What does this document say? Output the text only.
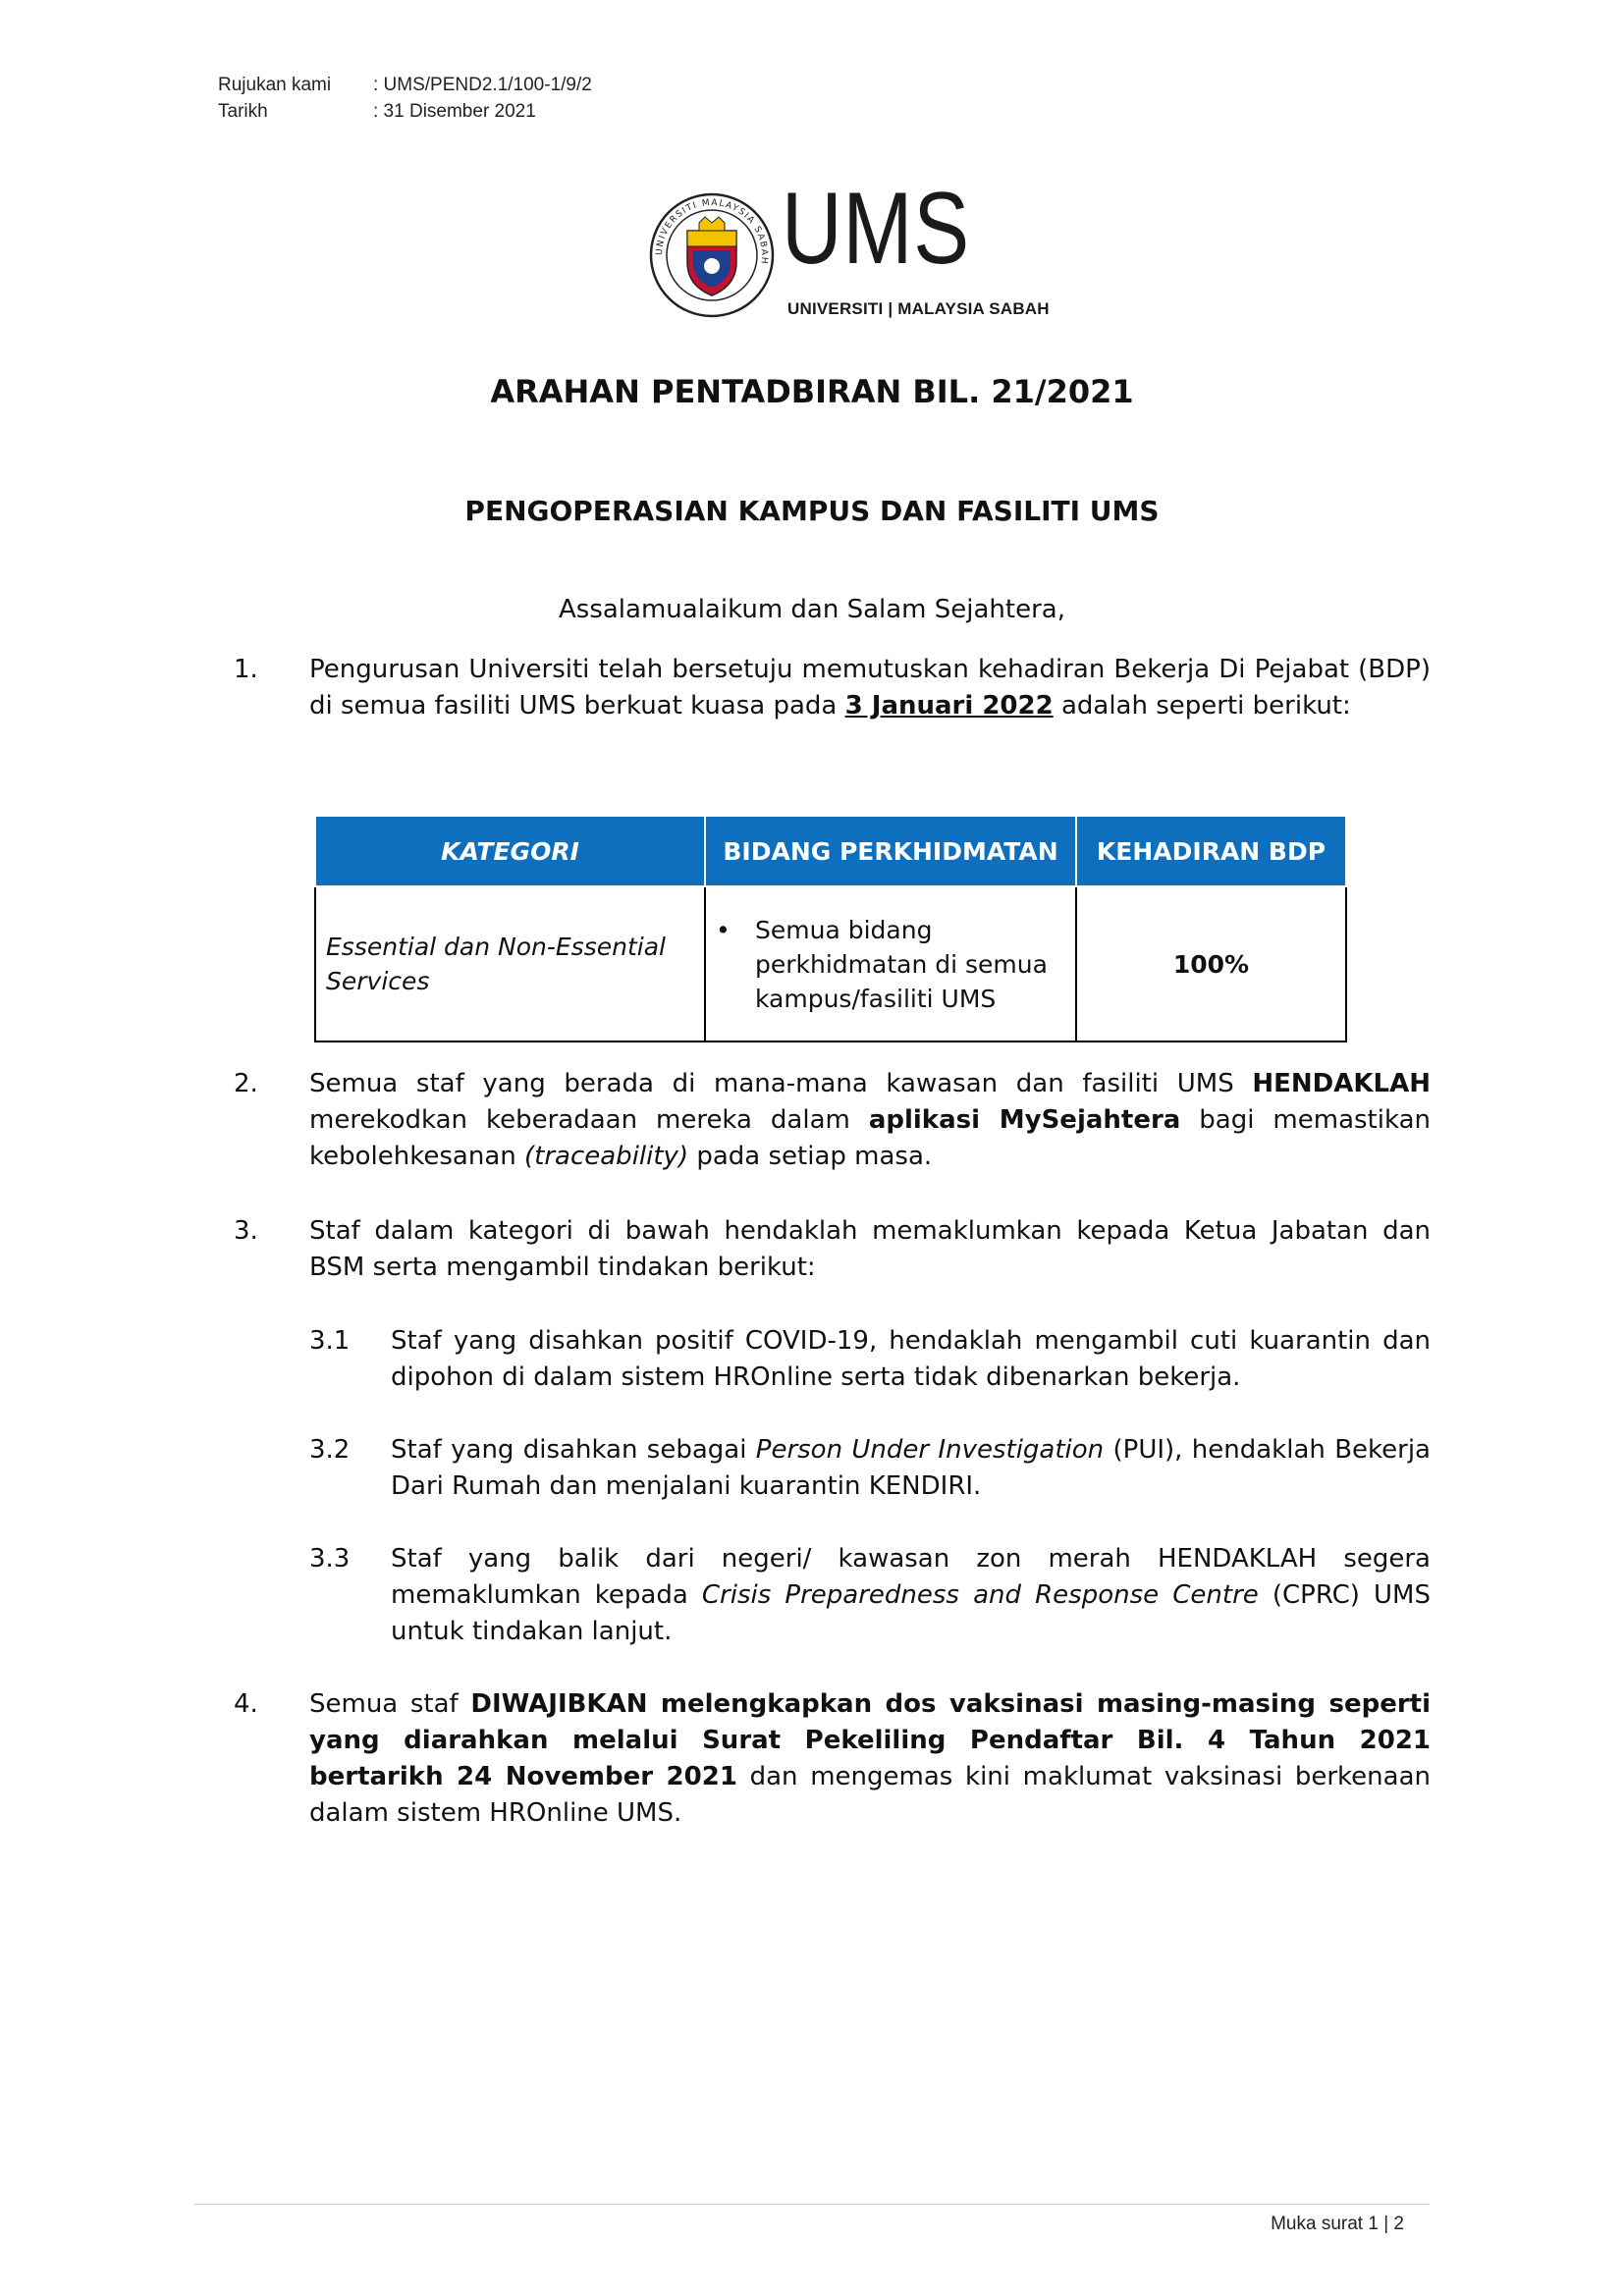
Rujukan kami : UMS/PEND2.1/100-1/9/2
Tarikh	: 31 Disember 2021
UNIVERSITI MALAYSIA SABAH UMS
UNIVERSITI | MALAYSIA SABAH
ARAHAN PENTADBIRAN BIL. 21/2021
PENGOPERASIAN KAMPUS DAN FASILITI UMS
Assalamualaikum dan Salam Sejahtera,
1. Pengurusan Universiti telah bersetuju memutuskan kehadiran Bekerja Di Pejabat (BDP) di semua fasiliti UMS berkuat kuasa pada 3 Januari 2022 adalah seperti berikut:
KATEGORI	BIDANG PERKHIDMATAN	KEHADIRAN BDP
Essential dan Non-Essential Services	• Semua bidang perkhidmatan di semua kampus/fasiliti UMS	100%
2. Semua staf yang berada di mana-mana kawasan dan fasiliti UMS HENDAKLAH merekodkan keberadaan mereka dalam aplikasi MySejahtera bagi memastikan kebolehkesanan (traceability) pada setiap masa.
3. Staf dalam kategori di bawah hendaklah memaklumkan kepada Ketua Jabatan dan BSM serta mengambil tindakan berikut:
3.1 Staf yang disahkan positif COVID-19, hendaklah mengambil cuti kuarantin dan dipohon di dalam sistem HROnline serta tidak dibenarkan bekerja.
3.2 Staf yang disahkan sebagai Person Under Investigation (PUI), hendaklah Bekerja Dari Rumah dan menjalani kuarantin KENDIRI.
3.3 Staf yang balik dari negeri/ kawasan zon merah HENDAKLAH segera memaklumkan kepada Crisis Preparedness and Response Centre (CPRC) UMS untuk tindakan lanjut.
4. Semua staf DIWAJIBKAN melengkapkan dos vaksinasi masing-masing seperti yang diarahkan melalui Surat Pekeliling Pendaftar Bil. 4 Tahun 2021 bertarikh 24 November 2021 dan mengemas kini maklumat vaksinasi berkenaan dalam sistem HROnline UMS.
Muka surat 1 | 2
